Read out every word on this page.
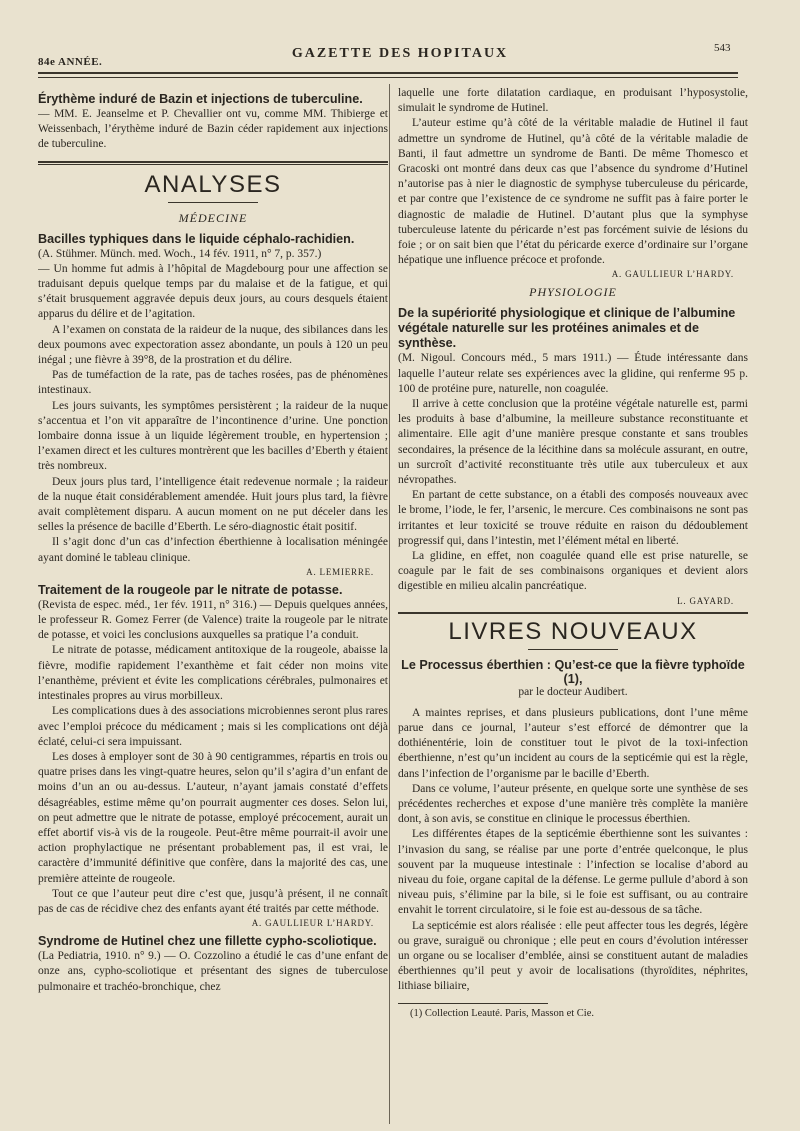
84e ANNÉE.
GAZETTE DES HOPITAUX	543
Érythème induré de Bazin et injections de tuberculine.

— MM. E. Jeanselme et P. Chevallier ont vu, comme MM. Thibierge et Weissenbach, l’érythème induré de Bazin céder rapidement aux injections de tuberculine.

ANALYSES
MÉDECINE
Bacilles typhiques dans le liquide céphalo-rachidien.

(A. Stühmer. Münch. med. Woch., 14 fév. 1911, n° 7, p. 357.)

— Un homme fut admis à l’hôpital de Magdebourg pour une affection se traduisant depuis quelque temps par du malaise et de la fatigue, et qui s’était brusquement aggravée depuis deux jours, au cours desquels étaient apparus du délire et de l’agitation.

A l’examen on constata de la raideur de la nuque, des sibilances dans les deux poumons avec expectoration assez abondante, un pouls à 120 un peu inégal ; une fièvre à 39°8, de la prostration et du délire.

Pas de tuméfaction de la rate, pas de taches rosées, pas de phénomènes intestinaux.

Les jours suivants, les symptômes persistèrent ; la raideur de la nuque s’accentua et l’on vit apparaître de l’incontinence d’urine. Une ponction lombaire donna issue à un liquide légèrement trouble, en hypertension ; l’examen direct et les cultures montrèrent que les bacilles d’Eberth y étaient très nombreux.

Deux jours plus tard, l’intelligence était redevenue normale ; la raideur de la nuque était considérablement amendée. Huit jours plus tard, la fièvre avait complètement disparu. A aucun moment on ne put déceler dans les selles la présence de bacille d’Eberth. Le séro-diagnostic était positif.

Il s’agit donc d’un cas d’infection éberthienne à localisation méningée ayant dominé le tableau clinique.

A. LEMIERRE.
Traitement de la rougeole par le nitrate de potasse.

(Revista de espec. méd., 1er fév. 1911, n° 316.) — Depuis quelques années, le professeur R. Gomez Ferrer (de Valence) traite la rougeole par le nitrate de potasse, et voici les conclusions auxquelles sa pratique l’a conduit.

Le nitrate de potasse, médicament antitoxique de la rougeole, abaisse la fièvre, modifie rapidement l’exanthème et fait céder non moins vite l’enanthème, prévient et évite les complications cérébrales, pulmonaires et intestinales propres au virus morbilleux.

Les complications dues à des associations microbiennes seront plus rares avec l’emploi précoce du médicament ; mais si les complications ont déjà éclaté, celui-ci sera impuissant.

Les doses à employer sont de 30 à 90 centigrammes, répartis en trois ou quatre prises dans les vingt-quatre heures, selon qu’il s’agira d’un enfant de moins d’un an ou au-dessus. L’auteur, n’ayant jamais constaté d’effets désagréables, estime même qu’on pourrait augmenter ces doses. Selon lui, on peut admettre que le nitrate de potasse, employé précocement, aurait un effet abortif vis-à vis de la rougeole. Peut-être même pourrait-il avoir une action prophylactique ne présentant probablement pas, il est vrai, le caractère d’immunité définitive que confère, dans la majorité des cas, une première atteinte de rougeole.

Tout ce que l’auteur peut dire c’est que, jusqu’à présent, il ne connaît pas de cas de récidive chez des enfants ayant été traités par cette méthode.

A. GAULLIEUR L’HARDY.
Syndrome de Hutinel chez une fillette cypho-scoliotique.

(La Pediatria, 1910. n° 9.) — O. Cozzolino a étudié le cas d’une enfant de onze ans, cypho-scoliotique et présentant des signes de tuberculose pulmonaire et trachéo-bronchique, chez

laquelle une forte dilatation cardiaque, en produisant l’hyposystolie, simulait le syndrome de Hutinel.

L’auteur estime qu’à côté de la véritable maladie de Hutinel il faut admettre un syndrome de Hutinel, qu’à côté de la véritable maladie de Banti, il faut admettre un syndrome de Banti. De même Thomesco et Gracoski ont montré dans deux cas que l’absence du syndrome d’Hutinel n’autorise pas à nier le diagnostic de symphyse tuberculeuse du péricarde, et par contre que l’existence de ce syndrome ne suffit pas à faire porter le diagnostic de maladie de Hutinel. D’autant plus que la symphyse tuberculeuse latente du péricarde n’est pas forcément suivie de lésions du foie ; or on sait bien que l’état du péricarde exerce d’ordinaire sur l’organe hépatique une influence précoce et profonde.

A. GAULLIEUR L’HARDY.
PHYSIOLOGIE
De la supériorité physiologique et clinique de l’albumine végétale naturelle sur les protéines animales et de synthèse.

(M. Nigoul. Concours méd., 5 mars 1911.) — Étude intéressante dans laquelle l’auteur relate ses expériences avec la glidine, qui renferme 95 p. 100 de protéine pure, naturelle, non coagulée.

Il arrive à cette conclusion que la protéine végétale naturelle est, parmi les produits à base d’albumine, la meilleure substance reconstituante et alimentaire. Elle agit d’une manière presque constante et sans troubles secondaires, la présence de la lécithine dans sa molécule assurant, en outre, un surcroît d’activité reconstituante très utile aux tuberculeux et aux névropathes.

En partant de cette substance, on a établi des composés nouveaux avec le brome, l’iode, le fer, l’arsenic, le mercure. Ces combinaisons ne sont pas irritantes et leur toxicité se trouve réduite en raison du dédoublement progressif qui, dans l’intestin, met l’élément métal en liberté.

La glidine, en effet, non coagulée quand elle est prise naturelle, se coagule par le fait de ses combinaisons organiques et devient alors digestible en milieu alcalin pancréatique.

L. GAYARD.
LIVRES NOUVEAUX
Le Processus éberthien : Qu’est-ce que la fièvre typhoïde (1),
par le docteur Audibert.

A maintes reprises, et dans plusieurs publications, dont l’une même parue dans ce journal, l’auteur s’est efforcé de démontrer que la dothiénentérie, loin de constituer tout le pivot de la toxi-infection éberthienne, n’est qu’un incident au cours de la septicémie qui est la règle, dans l’infection de l’organisme par le bacille d’Eberth.

Dans ce volume, l’auteur présente, en quelque sorte une synthèse de ses précédentes recherches et expose d’une manière très complète la manière dont, à son avis, se constitue en clinique le processus éberthien.

Les différentes étapes de la septicémie éberthienne sont les suivantes : l’invasion du sang, se réalise par une porte d’entrée quelconque, le plus souvent par la muqueuse intestinale : l’infection se localise d’abord au niveau du foie, organe capital de la défense. Le germe pullule d’abord à son niveau puis, s’élimine par la bile, si le foie est suffisant, ou au contraire envahit le torrent circulatoire, si le foie est au-dessous de sa tâche.

La septicémie est alors réalisée : elle peut affecter tous les degrés, légère ou grave, suraiguë ou chronique ; elle peut en cours d’évolution intéresser un organe ou se localiser d’emblée, ainsi se constituent autant de maladies éberthiennes qu’il peut y avoir de localisations (thyroïdites, néphrites, lithiase biliaire,

(1) Collection Leauté. Paris, Masson et Cie.
